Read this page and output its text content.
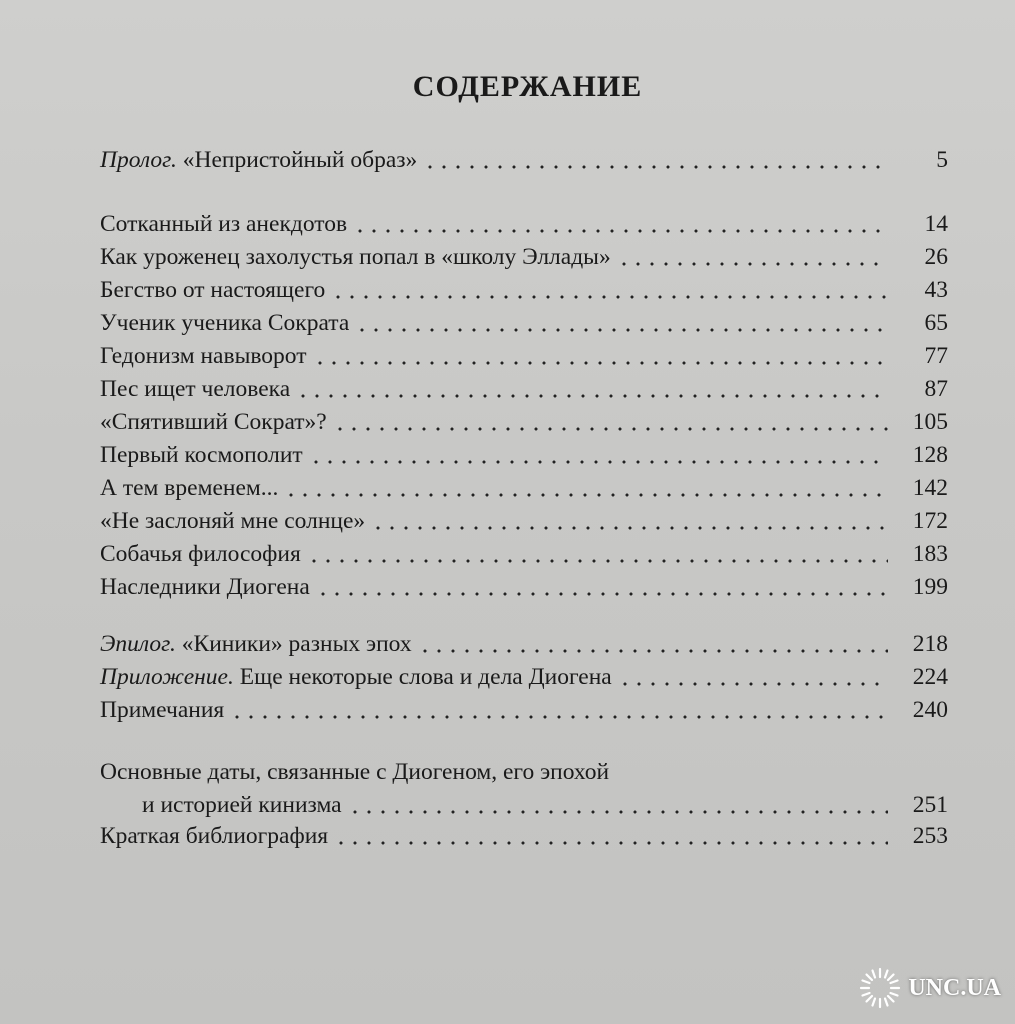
СОДЕРЖАНИЕ
Пролог. «Непристойный образ»	5
Сотканный из анекдотов	14
Как уроженец захолустья попал в «школу Эллады»	26
Бегство от настоящего	43
Ученик ученика Сократа	65
Гедонизм навыворот	77
Пес ищет человека	87
«Спятивший Сократ»?	105
Первый космополит	128
А тем временем...	142
«Не заслоняй мне солнце»	172
Собачья философия	183
Наследники Диогена	199
Эпилог. «Киники» разных эпох	218
Приложение. Еще некоторые слова и дела Диогена	224
Примечания	240
Основные даты, связанные с Диогеном, его эпохой
и историей кинизма	251
Краткая библиография	253
UNC.UA
